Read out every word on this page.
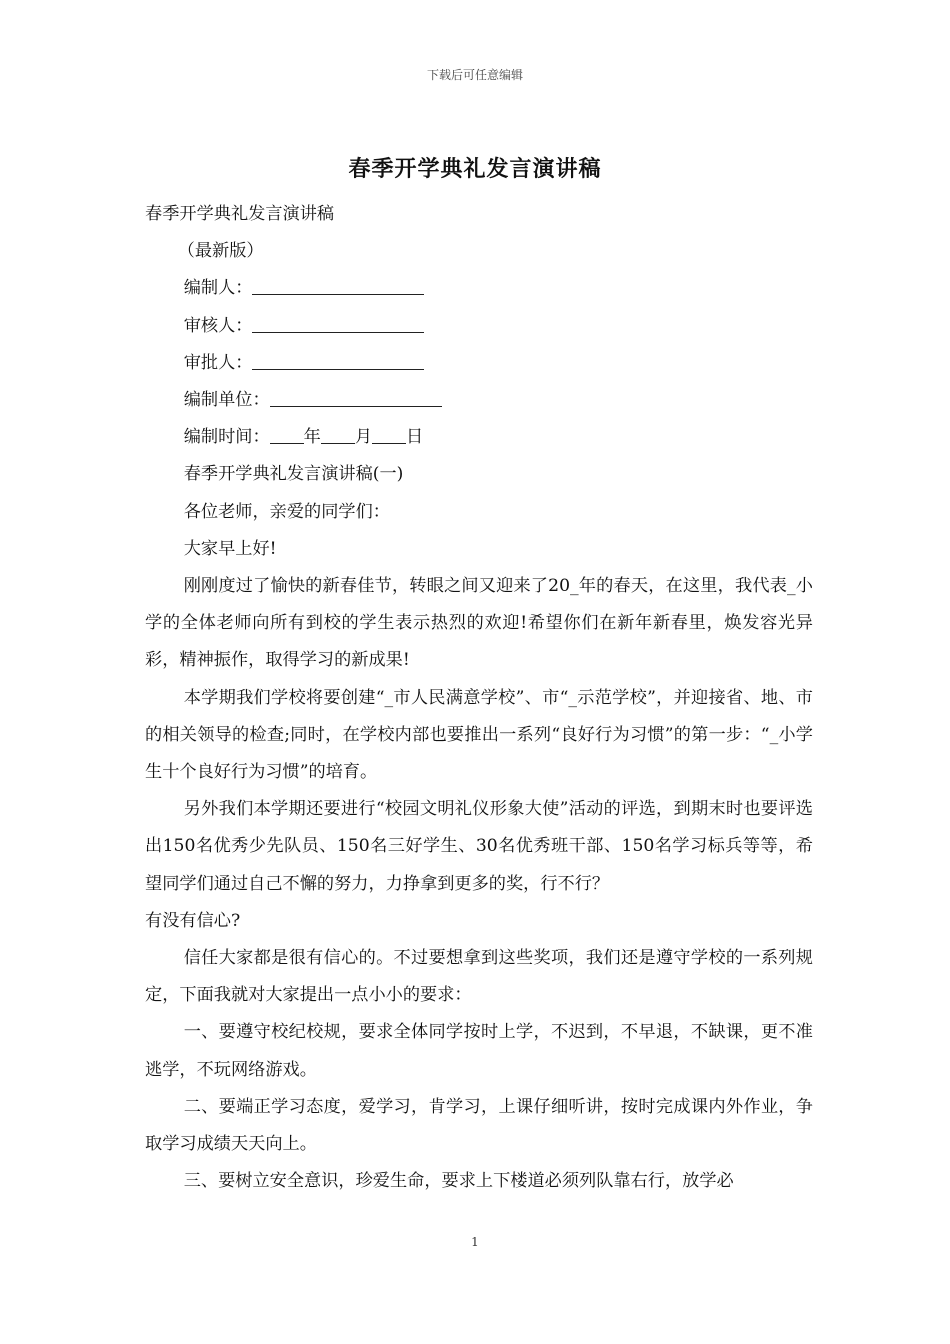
下载后可任意编辑
春季开学典礼发言演讲稿

春季开学典礼发言演讲稿

（最新版）

编制人：

审核人：

审批人：

编制单位：

编制时间： 年 月 日

春季开学典礼发言演讲稿(一)

各位老师，亲爱的同学们：

大家早上好!

刚刚度过了愉快的新春佳节，转眼之间又迎来了20_年的春天，在这里，我代表_小学的全体老师向所有到校的学生表示热烈的欢迎!希望你们在新年新春里，焕发容光异彩，精神振作，取得学习的新成果!

本学期我们学校将要创建“_市人民满意学校”、市“_示范学校”，并迎接省、地、市的相关领导的检查;同时，在学校内部也要推出一系列“良好行为习惯”的第一步：“_小学生十个良好行为习惯”的培育。

另外我们本学期还要进行“校园文明礼仪形象大使”活动的评选，到期末时也要评选出150名优秀少先队员、150名三好学生、30名优秀班干部、150名学习标兵等等，希望同学们通过自己不懈的努力，力挣拿到更多的奖，行不行？

有没有信心?

信任大家都是很有信心的。不过要想拿到这些奖项，我们还是遵守学校的一系列规定，下面我就对大家提出一点小小的要求：

一、要遵守校纪校规，要求全体同学按时上学，不迟到，不早退，不缺课，更不准逃学，不玩网络游戏。

二、要端正学习态度，爱学习，肯学习，上课仔细听讲，按时完成课内外作业，争取学习成绩天天向上。

三、要树立安全意识，珍爱生命，要求上下楼道必须列队靠右行，放学必

1
